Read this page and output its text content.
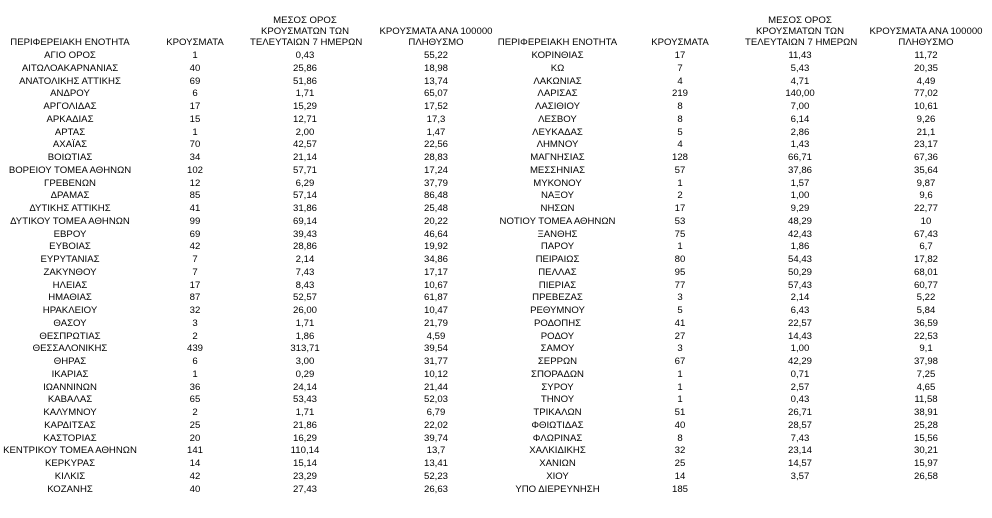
ΠΕΡΙΦΕΡΕΙΑΚΗ ΕΝΟΤΗΤΑ	ΚΡΟΥΣΜΑΤΑ
ΜΕΣΟΣ ΟΡΟΣ
ΚΡΟΥΣΜΑΤΩΝ ΤΩΝ
ΤΕΛΕΥΤΑΙΩΝ 7 ΗΜΕΡΩΝ
ΚΡΟΥΣΜΑΤΑ ΑΝΑ 100000
ΠΛΗΘΥΣΜΟ	ΠΕΡΙΦΕΡΕΙΑΚΗ ΕΝΟΤΗΤΑ	ΚΡΟΥΣΜΑΤΑ
ΜΕΣΟΣ ΟΡΟΣ
ΚΡΟΥΣΜΑΤΩΝ ΤΩΝ
ΤΕΛΕΥΤΑΙΩΝ 7 ΗΜΕΡΩΝ
ΚΡΟΥΣΜΑΤΑ ΑΝΑ 100000
ΠΛΗΘΥΣΜΟ
ΑΓΙΟ ΟΡΟΣ	1	0,43	55,22	ΚΟΡΙΝΘΙΑΣ	17	11,43	11,72
ΑΙΤΩΛΟΑΚΑΡΝΑΝΙΑΣ	40	25,86	18,98	ΚΩ	7	5,43	20,35
ΑΝΑΤΟΛΙΚΗΣ ΑΤΤΙΚΗΣ	69	51,86	13,74	ΛΑΚΩΝΙΑΣ	4	4,71	4,49
ΑΝΔΡΟΥ	6	1,71	65,07	ΛΑΡΙΣΑΣ	219	140,00	77,02
ΑΡΓΟΛΙΔΑΣ	17	15,29	17,52	ΛΑΣΙΘΙΟΥ	8	7,00	10,61
ΑΡΚΑΔΙΑΣ	15	12,71	17,3	ΛΕΣΒΟΥ	8	6,14	9,26
ΑΡΤΑΣ	1	2,00	1,47	ΛΕΥΚΑΔΑΣ	5	2,86	21,1
ΑΧΑΪΑΣ	70	42,57	22,56	ΛΗΜΝΟΥ	4	1,43	23,17
ΒΟΙΩΤΙΑΣ	34	21,14	28,83	ΜΑΓΝΗΣΙΑΣ	128	66,71	67,36
ΒΟΡΕΙΟΥ ΤΟΜΕΑ ΑΘΗΝΩΝ	102	57,71	17,24	ΜΕΣΣΗΝΙΑΣ	57	37,86	35,64
ΓΡΕΒΕΝΩΝ	12	6,29	37,79	ΜΥΚΟΝΟΥ	1	1,57	9,87
ΔΡΑΜΑΣ	85	57,14	86,48	ΝΑΞΟΥ	2	1,00	9,6
ΔΥΤΙΚΗΣ ΑΤΤΙΚΗΣ	41	31,86	25,48	ΝΗΣΩΝ	17	9,29	22,77
ΔΥΤΙΚΟΥ ΤΟΜΕΑ ΑΘΗΝΩΝ	99	69,14	20,22	ΝΟΤΙΟΥ ΤΟΜΕΑ ΑΘΗΝΩΝ	53	48,29	10
ΕΒΡΟΥ	69	39,43	46,64	ΞΑΝΘΗΣ	75	42,43	67,43
ΕΥΒΟΙΑΣ	42	28,86	19,92	ΠΑΡΟΥ	1	1,86	6,7
ΕΥΡΥΤΑΝΙΑΣ	7	2,14	34,86	ΠΕΙΡΑΙΩΣ	80	54,43	17,82
ΖΑΚΥΝΘΟΥ	7	7,43	17,17	ΠΕΛΛΑΣ	95	50,29	68,01
ΗΛΕΙΑΣ	17	8,43	10,67	ΠΙΕΡΙΑΣ	77	57,43	60,77
ΗΜΑΘΙΑΣ	87	52,57	61,87	ΠΡΕΒΕΖΑΣ	3	2,14	5,22
ΗΡΑΚΛΕΙΟΥ	32	26,00	10,47	ΡΕΘΥΜΝΟΥ	5	6,43	5,84
ΘΑΣΟΥ	3	1,71	21,79	ΡΟΔΟΠΗΣ	41	22,57	36,59
ΘΕΣΠΡΩΤΙΑΣ	2	1,86	4,59	ΡΟΔΟΥ	27	14,43	22,53
ΘΕΣΣΑΛΟΝΙΚΗΣ	439	313,71	39,54	ΣΑΜΟΥ	3	1,00	9,1
ΘΗΡΑΣ	6	3,00	31,77	ΣΕΡΡΩΝ	67	42,29	37,98
ΙΚΑΡΙΑΣ	1	0,29	10,12	ΣΠΟΡΑΔΩΝ	1	0,71	7,25
ΙΩΑΝΝΙΝΩΝ	36	24,14	21,44	ΣΥΡΟΥ	1	2,57	4,65
ΚΑΒΑΛΑΣ	65	53,43	52,03	ΤΗΝΟΥ	1	0,43	11,58
ΚΑΛΥΜΝΟΥ	2	1,71	6,79	ΤΡΙΚΑΛΩΝ	51	26,71	38,91
ΚΑΡΔΙΤΣΑΣ	25	21,86	22,02	ΦΘΙΩΤΙΔΑΣ	40	28,57	25,28
ΚΑΣΤΟΡΙΑΣ	20	16,29	39,74	ΦΛΩΡΙΝΑΣ	8	7,43	15,56
ΚΕΝΤΡΙΚΟΥ ΤΟΜΕΑ ΑΘΗΝΩΝ	141	110,14	13,7	ΧΑΛΚΙΔΙΚΗΣ	32	23,14	30,21
ΚΕΡΚΥΡΑΣ	14	15,14	13,41	ΧΑΝΙΩΝ	25	14,57	15,97
ΚΙΛΚΙΣ	42	23,29	52,23	ΧΙΟΥ	14	3,57	26,58
ΚΟΖΑΝΗΣ	40	27,43	26,63	ΥΠΟ ΔΙΕΡΕΥΝΗΣΗ	185
